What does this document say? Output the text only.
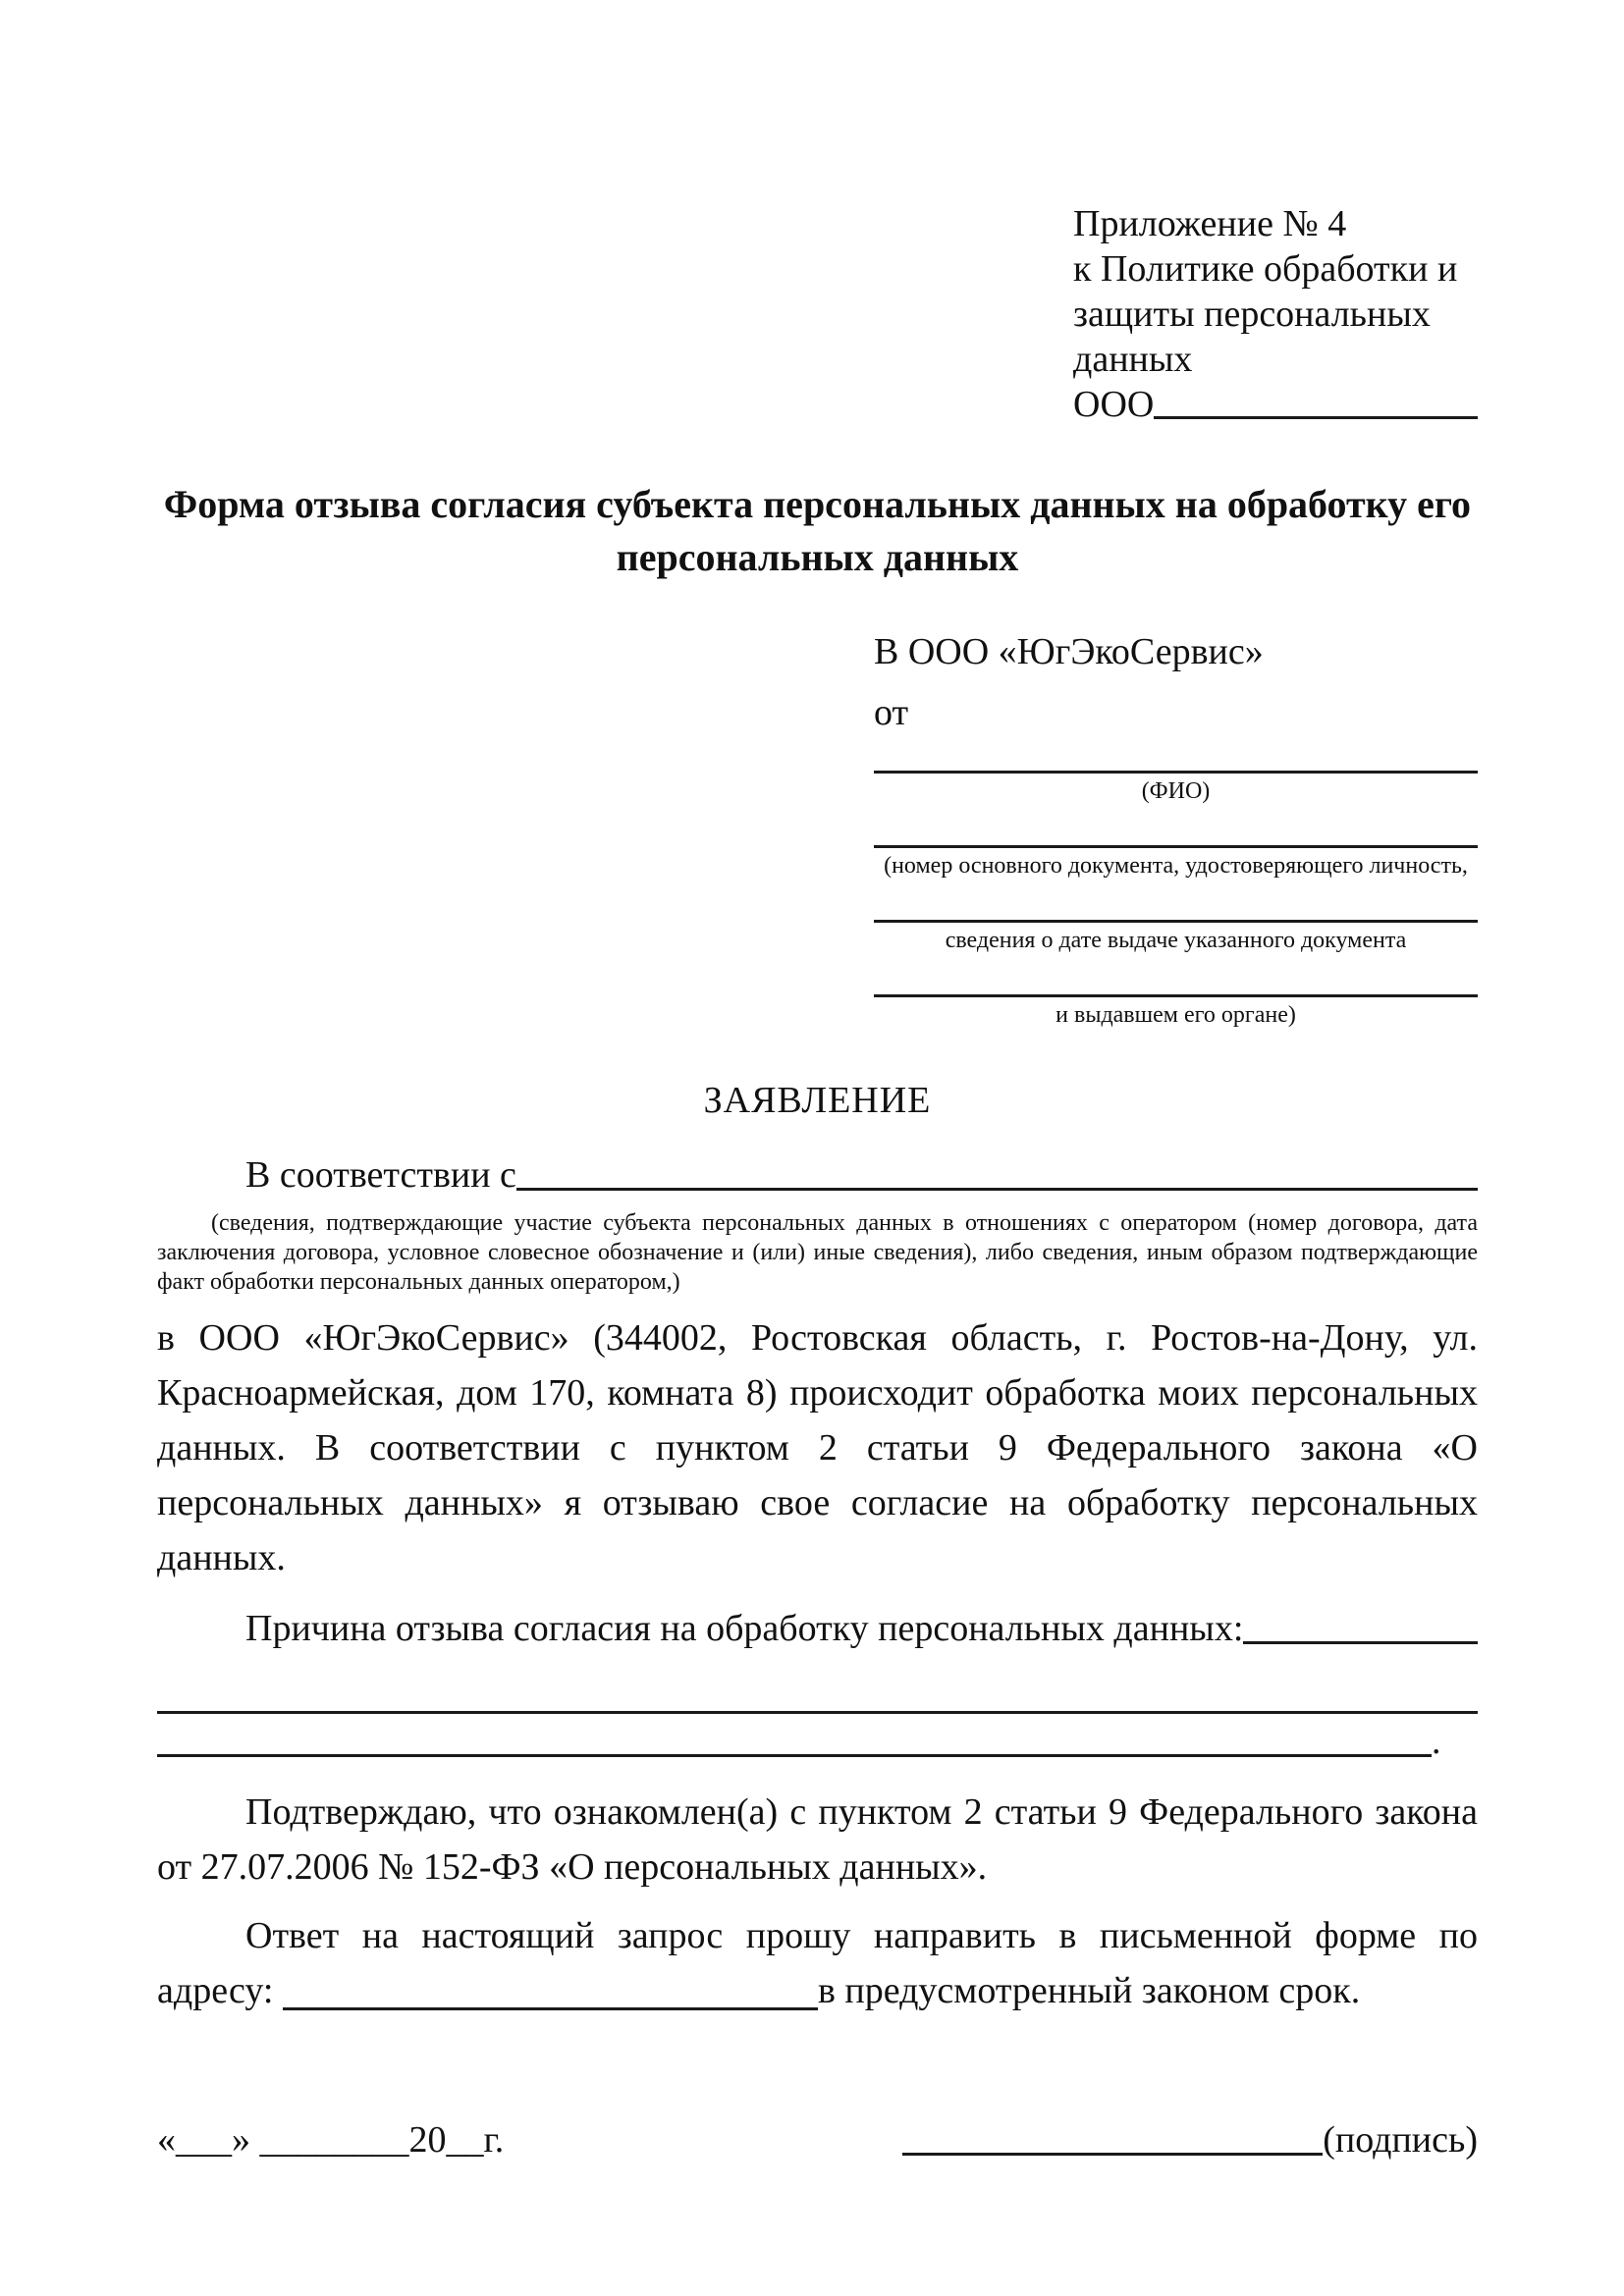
Приложение № 4
к Политике обработки и
защиты персональных данных
ООО
Форма отзыва согласия субъекта персональных данных на обработку его персональных данных
В ООО «ЮгЭкоСервис»
от
(ФИО)
(номер основного документа, удостоверяющего личность,
сведения о дате выдаче указанного документа
и выдавшем его органе)
ЗАЯВЛЕНИЕ
В соответствии с
(сведения, подтверждающие участие субъекта персональных данных в отношениях с оператором (номер договора, дата заключения договора, условное словесное обозначение и (или) иные сведения), либо сведения, иным образом подтверждающие факт обработки персональных данных оператором,)
в ООО «ЮгЭкоСервис» (344002, Ростовская область, г. Ростов-на-Дону, ул. Красноармейская, дом 170, комната 8) происходит обработка моих персональных данных. В соответствии с пунктом 2 статьи 9 Федерального закона «О персональных данных» я отзываю свое согласие на обработку персональных данных.
Причина отзыва согласия на обработку персональных данных:
.
Подтверждаю, что ознакомлен(а) с пунктом 2 статьи 9 Федерального закона от 27.07.2006 № 152-ФЗ «О персональных данных».
Ответ на настоящий запрос прошу направить в письменной форме по адресу:	в предусмотренный законом срок.
«___» ________20__г.	(подпись)
